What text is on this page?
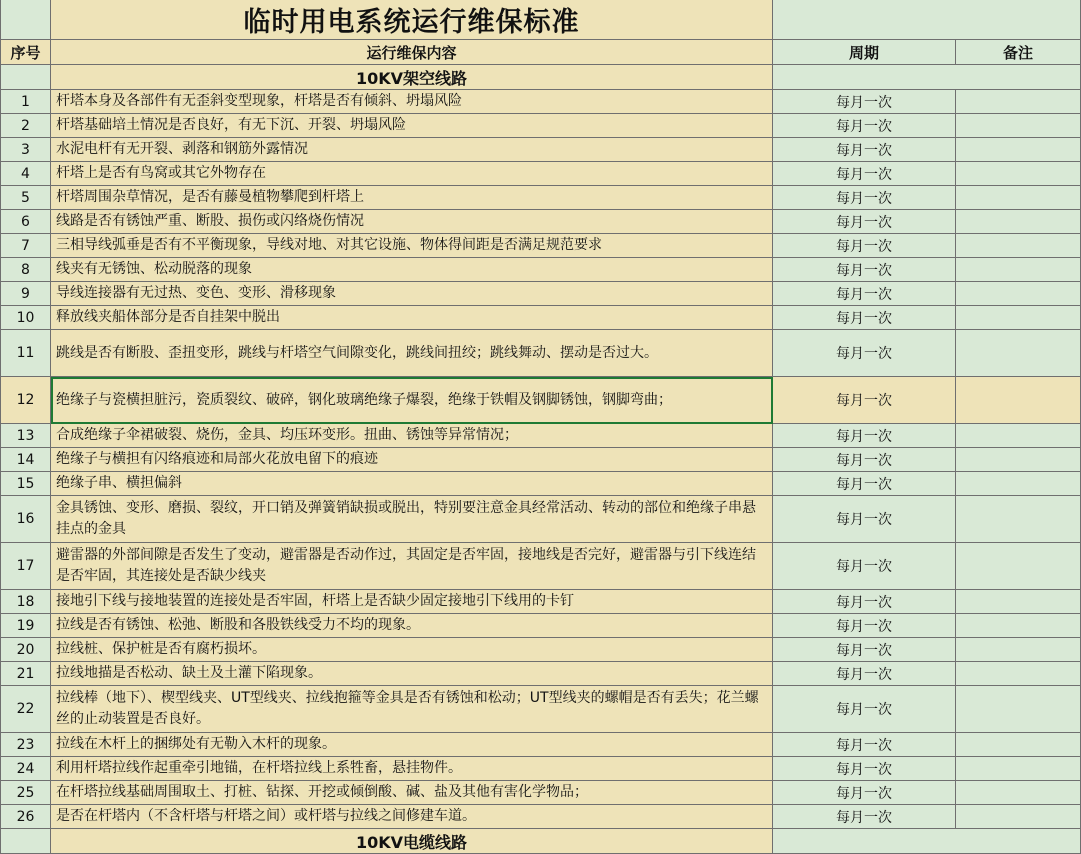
	临时用电系统运行维保标准		
序号	运行维保内容	周期	备注
	10KV架空线路		
1	杆塔本身及各部件有无歪斜变型现象，杆塔是否有倾斜、坍塌风险	每月一次	
2	杆塔基础培土情况是否良好，有无下沉、开裂、坍塌风险	每月一次	
3	水泥电杆有无开裂、剥落和钢筋外露情况	每月一次	
4	杆塔上是否有鸟窝或其它外物存在	每月一次	
5	杆塔周围杂草情况，是否有藤曼植物攀爬到杆塔上	每月一次	
6	线路是否有锈蚀严重、断股、损伤或闪络烧伤情况	每月一次	
7	三相导线弧垂是否有不平衡现象，导线对地、对其它设施、物体得间距是否满足规范要求	每月一次	
8	线夹有无锈蚀、松动脱落的现象	每月一次	
9	导线连接器有无过热、变色、变形、滑移现象	每月一次	
10	释放线夹船体部分是否自挂架中脱出	每月一次	
11	跳线是否有断股、歪扭变形，跳线与杆塔空气间隙变化，跳线间扭绞；跳线舞动、摆动是否过大。	每月一次	
12	绝缘子与瓷横担脏污，瓷质裂纹、破碎，钢化玻璃绝缘子爆裂，绝缘于铁帽及钢脚锈蚀，钢脚弯曲；	每月一次	
13	合成绝缘子伞裙破裂、烧伤，金具、均压环变形。扭曲、锈蚀等异常情况；	每月一次	
14	绝缘子与横担有闪络痕迹和局部火花放电留下的痕迹	每月一次	
15	绝缘子串、横担偏斜	每月一次	
16	金具锈蚀、变形、磨损、裂纹，开口销及弹簧销缺损或脱出，特别要注意金具经常活动、转动的部位和绝缘子串悬挂点的金具	每月一次	
17	避雷器的外部间隙是否发生了变动，避雷器是否动作过，其固定是否牢固，接地线是否完好，避雷器与引下线连结是否牢固，其连接处是否缺少线夹	每月一次	
18	接地引下线与接地装置的连接处是否牢固，杆塔上是否缺少固定接地引下线用的卡钉	每月一次	
19	拉线是否有锈蚀、松弛、断股和各股铁线受力不均的现象。	每月一次	
20	拉线桩、保护桩是否有腐朽损坏。	每月一次	
21	拉线地描是否松动、缺土及土灌下陷现象。	每月一次	
22	拉线棒（地下）、楔型线夹、UT型线夹、拉线抱箍等金具是否有锈蚀和松动；UT型线夹的螺帽是否有丢失；花兰螺丝的止动装置是否良好。	每月一次	
23	拉线在木杆上的捆绑处有无勒入木杆的现象。	每月一次	
24	利用杆塔拉线作起重牵引地锚，在杆塔拉线上系牲畜，悬挂物件。	每月一次	
25	在杆塔拉线基础周围取土、打桩、钻探、开挖或倾倒酸、碱、盐及其他有害化学物品；	每月一次	
26	是否在杆塔内（不含杆塔与杆塔之间）或杆塔与拉线之间修建车道。	每月一次	
	10KV电缆线路		
